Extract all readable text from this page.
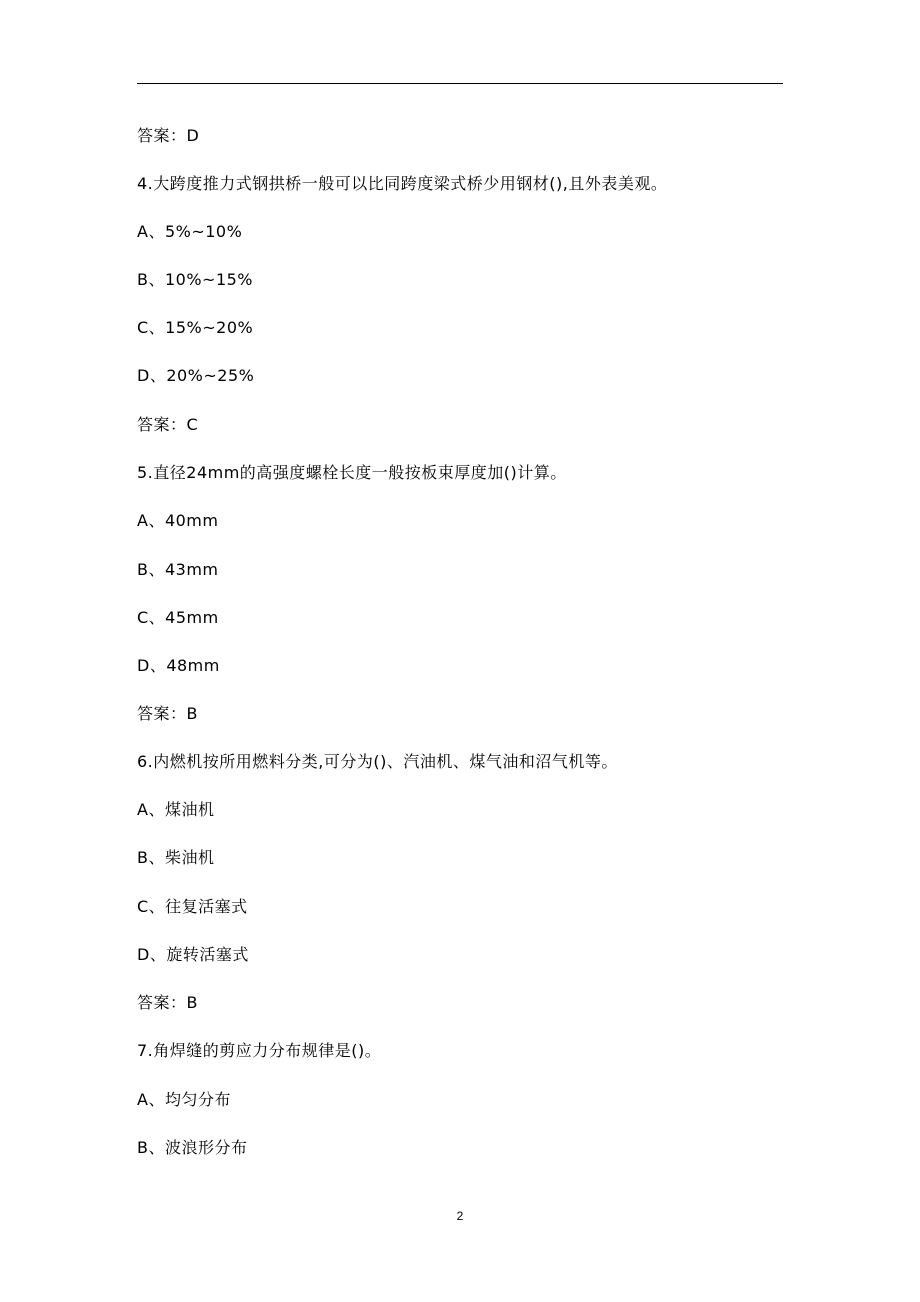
答案：D
4.大跨度推力式钢拱桥一般可以比同跨度梁式桥少用钢材(),且外表美观。
A、5%~10%
B、10%~15%
C、15%~20%
D、20%~25%
答案：C
5.直径24mm的高强度螺栓长度一般按板束厚度加()计算。
A、40mm
B、43mm
C、45mm
D、48mm
答案：B
6.内燃机按所用燃料分类,可分为()、汽油机、煤气油和沼气机等。
A、煤油机
B、柴油机
C、往复活塞式
D、旋转活塞式
答案：B
7.角焊缝的剪应力分布规律是()。
A、均匀分布
B、波浪形分布
2
